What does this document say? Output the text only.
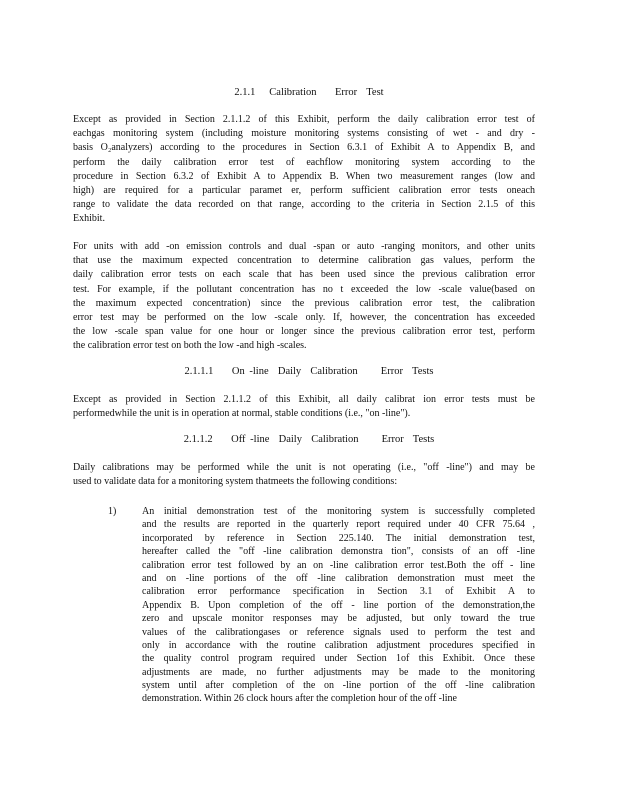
2.1.1   Calibration    Error  Test
Except as provided in Section 2.1.1.2 of this Exhibit, perform the daily calibration error test of
eachgas monitoring system (including moisture monitoring systems consisting of wet - and dry -
basis O₂analyzers) according to the procedures in Section 6.3.1 of Exhibit A to Appendix B, and
perform the daily calibration error test of eachflow monitoring system according to the
procedure in Section 6.3.2 of Exhibit A to Appendix B. When two measurement ranges (low and
high) are required for a particular paramet er, perform sufficient calibration error tests oneach
range to validate the data recorded on that range, according to the criteria in Section 2.1.5 of this
Exhibit.
For units with add -on emission controls and dual -span or auto -ranging monitors, and other units
that use the maximum expected concentration to determine calibration gas values, perform the
daily calibration error tests on each scale that has been used since the previous calibration error
test. For example, if the pollutant concentration has no t exceeded the low -scale value(based on
the maximum expected concentration) since the previous calibration error test, the calibration
error test may be performed on the low -scale only. If, however, the concentration has exceeded
the low -scale span value for one hour or longer since the previous calibration error test, perform
the calibration error test on both the low -and high -scales.
2.1.1.1    On -line  Daily  Calibration     Error  Tests
Except as provided in Section 2.1.1.2 of this Exhibit, all daily calibrat ion error tests must be
performedwhile the unit is in operation at normal, stable conditions (i.e., "on -line").
2.1.1.2    Off -line  Daily  Calibration     Error  Tests
Daily calibrations may be performed while the unit is not operating (i.e., "off -line") and may be
used to validate data for a monitoring system thatmeets the following conditions:
1)	An initial demonstration test of the monitoring system is successfully completed
and the results are reported in the quarterly report required under 40 CFR 75.64 ,
incorporated by reference in Section 225.140. The initial demonstration test,
hereafter called the "off -line calibration demonstra tion", consists of an off -line
calibration error test followed by an on -line calibration error test.Both the off - line
and on -line portions of the off -line calibration demonstration must meet the
calibration error performance specification in Section 3.1 of Exhibit A to
Appendix B. Upon completion of the off - line portion of the demonstration,the
zero and upscale monitor responses may be adjusted, but only toward the true
values of the calibrationgases or reference signals used to perform the test and
only in accordance with the routine calibration adjustment procedures specified in
the quality control program required under Section 1of this Exhibit. Once these
adjustments are made, no further adjustments may be made to the monitoring
system until after completion of the on -line portion of the off -line calibration
demonstration. Within 26 clock hours after the completion hour of the off -line
